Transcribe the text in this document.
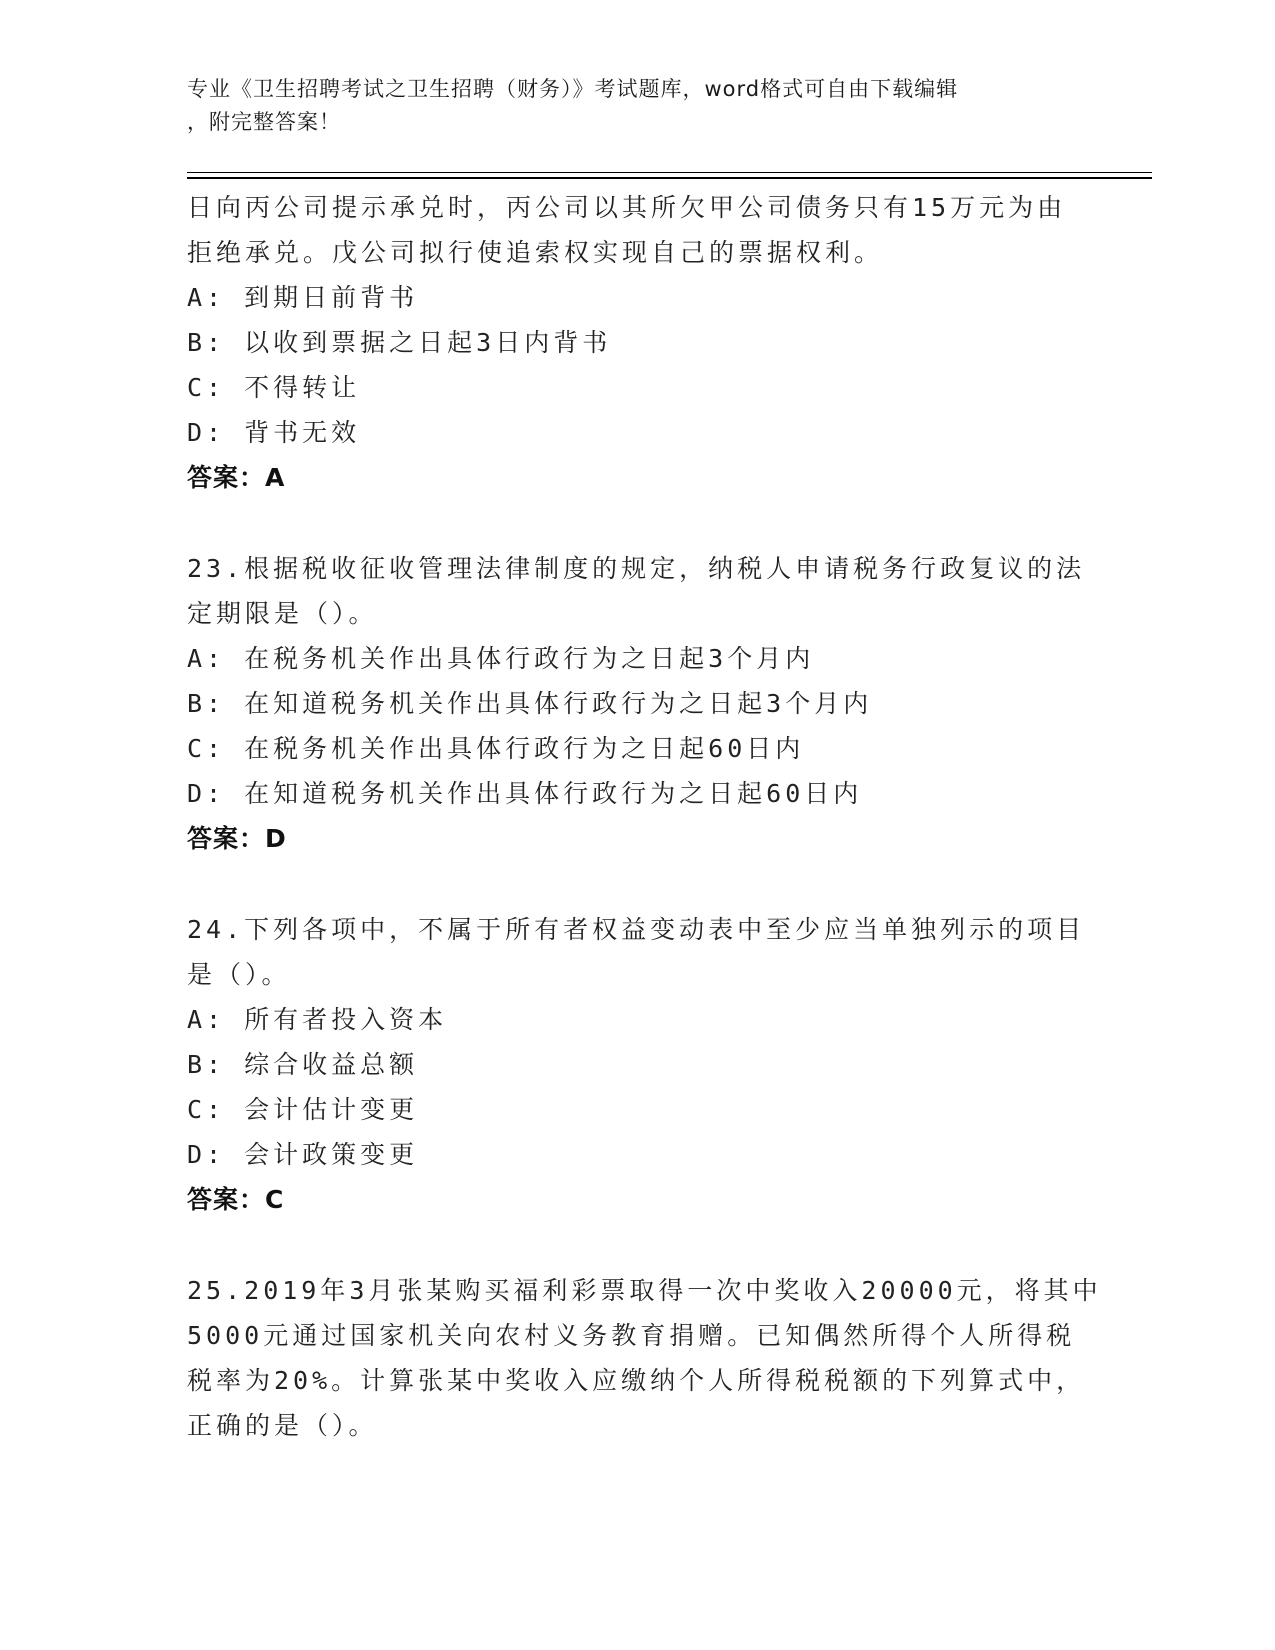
专业《卫生招聘考试之卫生招聘（财务）》考试题库，word格式可自由下载编辑
，附完整答案！
日向丙公司提示承兑时，丙公司以其所欠甲公司债务只有15万元为由
拒绝承兑。戊公司拟行使追索权实现自己的票据权利。
A: 到期日前背书
B: 以收到票据之日起3日内背书
C: 不得转让
D: 背书无效
答案：A
23.根据税收征收管理法律制度的规定，纳税人申请税务行政复议的法
定期限是（）。
A: 在税务机关作出具体行政行为之日起3个月内
B: 在知道税务机关作出具体行政行为之日起3个月内
C: 在税务机关作出具体行政行为之日起60日内
D: 在知道税务机关作出具体行政行为之日起60日内
答案：D
24.下列各项中，不属于所有者权益变动表中至少应当单独列示的项目
是（）。
A: 所有者投入资本
B: 综合收益总额
C: 会计估计变更
D: 会计政策变更
答案：C
25.2019年3月张某购买福利彩票取得一次中奖收入20000元，将其中
5000元通过国家机关向农村义务教育捐赠。已知偶然所得个人所得税
税率为20%。计算张某中奖收入应缴纳个人所得税税额的下列算式中，
正确的是（）。
